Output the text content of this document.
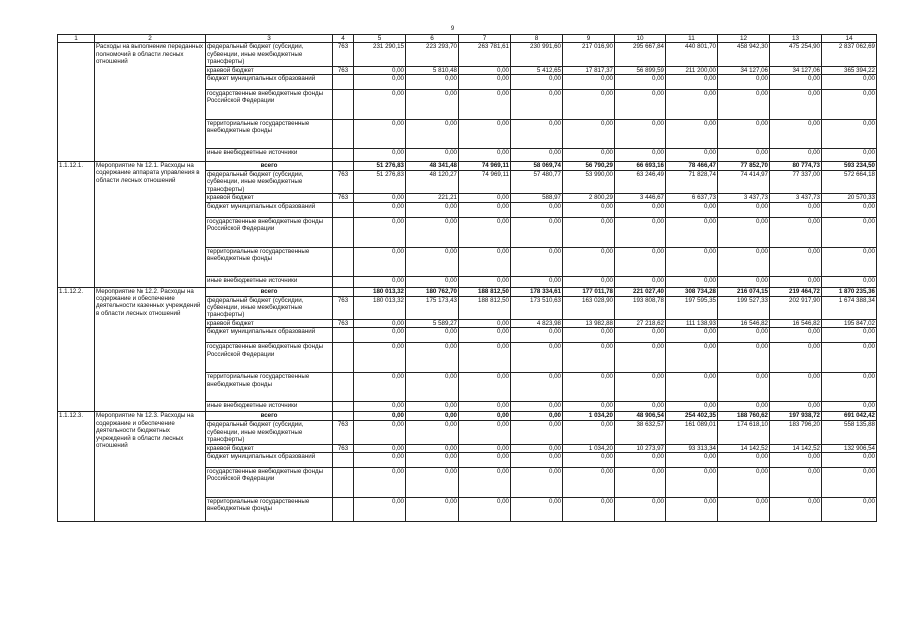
9
1	2	3	4	5	6	7	8	9	10	11	12	13	14
	Расходы на выполнение переданных полномочий в области лесных отношений	федеральный бюджет (субсидии, субвенции, иные межбюджетные трансферты)	763	231 290,15	223 293,70	263 781,61	230 991,60	217 016,90	295 667,84	440 801,70	458 942,30	475 254,90	2 837 062,69
		краевой бюджет	763	0,00	5 810,48	0,00	5 412,65	17 817,37	56 899,59	211 200,00	34 127,06	34 127,06	365 394,22
		бюджет муниципальных образований		0,00	0,00	0,00	0,00	0,00	0,00	0,00	0,00	0,00	0,00
		государственные внебюджетные фонды Российской Федерации		0,00	0,00	0,00	0,00	0,00	0,00	0,00	0,00	0,00	0,00
		территориальные государственные внебюджетные фонды		0,00	0,00	0,00	0,00	0,00	0,00	0,00	0,00	0,00	0,00
		иные внебюджетные источники		0,00	0,00	0,00	0,00	0,00	0,00	0,00	0,00	0,00	0,00
1.1.12.1.	Мероприятие № 12.1. Расходы на содержание аппарата управления в области лесных отношений	всего		51 276,83	48 341,48	74 969,11	58 069,74	56 790,29	66 693,16	78 466,47	77 852,70	80 774,73	593 234,50
		федеральный бюджет (субсидии, субвенции, иные межбюджетные трансферты)	763	51 276,83	48 120,27	74 969,11	57 480,77	53 990,00	63 246,49	71 828,74	74 414,97	77 337,00	572 664,18
		краевой бюджет	763	0,00	221,21	0,00	588,97	2 800,29	3 446,67	6 637,73	3 437,73	3 437,73	20 570,33
		бюджет муниципальных образований		0,00	0,00	0,00	0,00	0,00	0,00	0,00	0,00	0,00	0,00
		государственные внебюджетные фонды Российской Федерации		0,00	0,00	0,00	0,00	0,00	0,00	0,00	0,00	0,00	0,00
		территориальные государственные внебюджетные фонды		0,00	0,00	0,00	0,00	0,00	0,00	0,00	0,00	0,00	0,00
		иные внебюджетные источники		0,00	0,00	0,00	0,00	0,00	0,00	0,00	0,00	0,00	0,00
1.1.12.2.	Мероприятие № 12.2. Расходы на содержание и обеспечение деятельности казенных учреждений в области лесных отношений	всего		180 013,32	180 762,70	188 812,50	178 334,61	177 011,78	221 027,40	308 734,28	216 074,15	219 464,72	1 870 235,36
		федеральный бюджет (субсидии, субвенции, иные межбюджетные трансферты)	763	180 013,32	175 173,43	188 812,50	173 510,63	163 028,90	193 808,78	197 595,35	199 527,33	202 917,90	1 674 388,34
		краевой бюджет	763	0,00	5 589,27	0,00	4 823,98	13 982,88	27 218,62	111 138,93	16 546,82	16 546,82	195 847,02
		бюджет муниципальных образований		0,00	0,00	0,00	0,00	0,00	0,00	0,00	0,00	0,00	0,00
		государственные внебюджетные фонды Российской Федерации		0,00	0,00	0,00	0,00	0,00	0,00	0,00	0,00	0,00	0,00
		территориальные государственные внебюджетные фонды		0,00	0,00	0,00	0,00	0,00	0,00	0,00	0,00	0,00	0,00
		иные внебюджетные источники		0,00	0,00	0,00	0,00	0,00	0,00	0,00	0,00	0,00	0,00
1.1.12.3.	Мероприятие № 12.3. Расходы на содержание и обеспечение деятельности бюджетных учреждений в области лесных отношений	всего		0,00	0,00	0,00	0,00	1 034,20	48 906,54	254 402,35	188 760,62	197 938,72	691 042,42
		федеральный бюджет (субсидии, субвенции, иные межбюджетные трансферты)	763	0,00	0,00	0,00	0,00	0,00	38 632,57	161 089,01	174 618,10	183 796,20	558 135,88
		краевой бюджет	763	0,00	0,00	0,00	0,00	1 034,20	10 273,97	93 313,34	14 142,52	14 142,52	132 906,54
		бюджет муниципальных образований		0,00	0,00	0,00	0,00	0,00	0,00	0,00	0,00	0,00	0,00
		государственные внебюджетные фонды Российской Федерации		0,00	0,00	0,00	0,00	0,00	0,00	0,00	0,00	0,00	0,00
		территориальные государственные внебюджетные фонды		0,00	0,00	0,00	0,00	0,00	0,00	0,00	0,00	0,00	0,00
